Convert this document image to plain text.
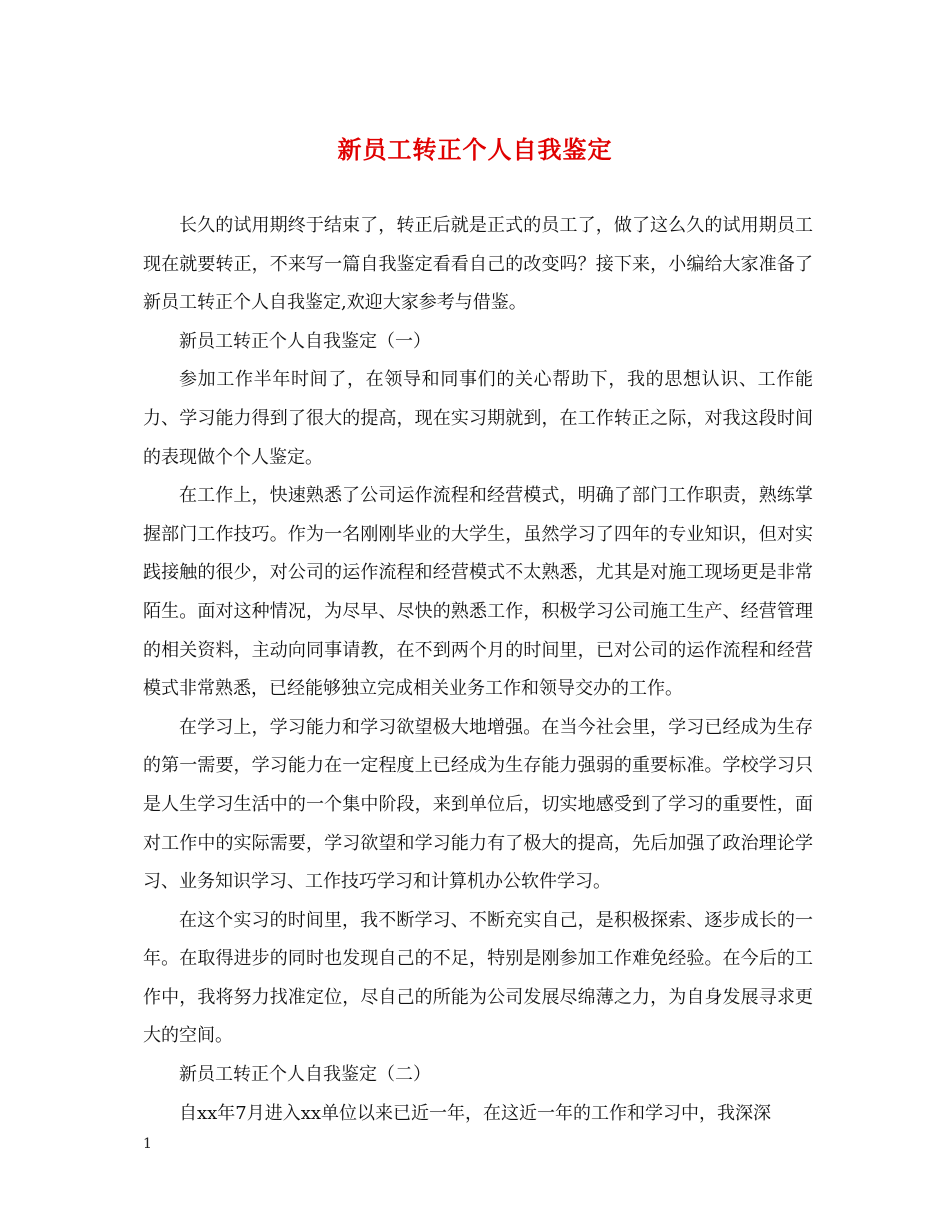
新员工转正个人自我鉴定

长久的试用期终于结束了，转正后就是正式的员工了，做了这么久的试用期员工现在就要转正，不来写一篇自我鉴定看看自己的改变吗？接下来，小编给大家准备了新员工转正个人自我鉴定,欢迎大家参考与借鉴。

新员工转正个人自我鉴定（一）

参加工作半年时间了，在领导和同事们的关心帮助下，我的思想认识、工作能力、学习能力得到了很大的提高，现在实习期就到，在工作转正之际，对我这段时间的表现做个个人鉴定。

在工作上，快速熟悉了公司运作流程和经营模式，明确了部门工作职责，熟练掌握部门工作技巧。作为一名刚刚毕业的大学生，虽然学习了四年的专业知识，但对实践接触的很少，对公司的运作流程和经营模式不太熟悉，尤其是对施工现场更是非常陌生。面对这种情况，为尽早、尽快的熟悉工作，积极学习公司施工生产、经营管理的相关资料，主动向同事请教，在不到两个月的时间里，已对公司的运作流程和经营模式非常熟悉，已经能够独立完成相关业务工作和领导交办的工作。

在学习上，学习能力和学习欲望极大地增强。在当今社会里，学习已经成为生存的第一需要，学习能力在一定程度上已经成为生存能力强弱的重要标准。学校学习只是人生学习生活中的一个集中阶段，来到单位后，切实地感受到了学习的重要性，面对工作中的实际需要，学习欲望和学习能力有了极大的提高，先后加强了政治理论学习、业务知识学习、工作技巧学习和计算机办公软件学习。

在这个实习的时间里，我不断学习、不断充实自己，是积极探索、逐步成长的一年。在取得进步的同时也发现自己的不足，特别是刚参加工作难免经验。在今后的工作中，我将努力找准定位，尽自己的所能为公司发展尽绵薄之力，为自身发展寻求更大的空间。

新员工转正个人自我鉴定（二）

自xx年7月进入xx单位以来已近一年，在这近一年的工作和学习中，我深深

1
